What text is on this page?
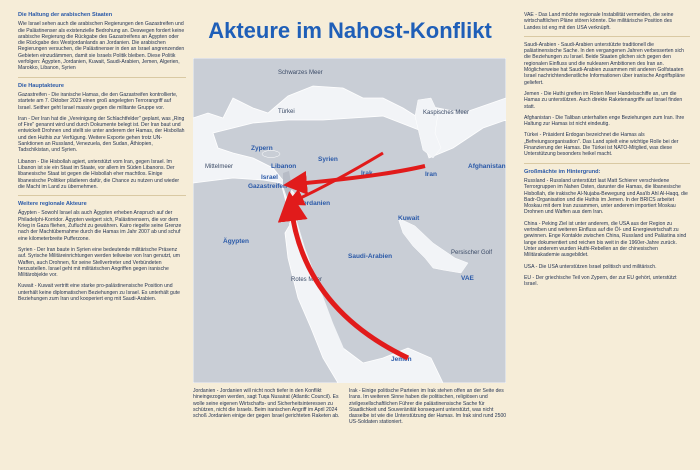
Akteure im Nahost-Konflikt
Die Haltung der arabischen Staaten

Wie Israel sehen auch die arabischen Regierungen den Gazastreifen und die Palästinenser als existenzielle Bedrohung an. Deswegen fordert keine arabische Regierung die Rückgabe des Gazastreifens an Ägypten oder die Rückgabe des Westjordanlands an Jordanien. Die arabischen Regierungen versuchen, die Palästinenser in den an Israel angrenzenden Gebieten einzudämmen, damit sie Israels Politik bleiben. Diese Politik verfolgen: Ägypten, Jordanien, Kuwait, Saudi-Arabien, Jemen, Algerien, Marokko, Libanon, Syrien

Die Hauptakteure

Gazastreifen - Die iranische Hamas, die den Gazastreifen kontrollierte, startete am 7. Oktober 2023 einen groß angelegten Terrorangriff auf Israel. Seither geht Israel massiv gegen die militante Gruppe vor.

Iran - Der Iran hat die „Vereinigung der Schlachtfelder" geplant, was „Ring of Fire" genannt wird und durch Dokumente belegt ist. Der Iran baut und entwickelt Drohnen und stellt sie unter anderem der Hamas, der Hisbollah und den Huthis zur Verfügung. Weitere Exporte gehen trotz UN-Sanktionen an Russland, Venezuela, den Sudan, Äthiopien, Tadschikistan, und Syrien.

Libanon - Die Hisbollah agiert, unterstützt vom Iran, gegen Israel. Im Libanon ist sie ein Staat im Staate, vor allem im Süden Libanons. Der libanesische Staat ist gegen die Hisbollah eher machtlos. Einige libanesische Politiker plädieren dafür, die Chance zu nutzen und wieder die Macht im Land zu übernehmen.

Weitere regionale Akteure

Ägypten - Sowohl Israel als auch Ägypten erheben Anspruch auf der Philadelphi-Korridor. Ägypten weigert sich, Palästinensern, die vor dem Krieg in Gaza fliehen, Zuflucht zu gewähren. Kairo riegelte seine Grenze nach der Machtübernahme durch die Hamas im Jahr 2007 ab und schuf eine kilometerbreite Pufferzone.

Syrien - Der Iran baute in Syrien eine bedeutende militärische Präsenz auf. Syrische Militäreinrichtungen werden teilweise von Iran genutzt, um Waffen, auch Drohnen, für seine Stellvertreter und Verbündeten herzustellen. Israel geht mit militärischen Angriffen gegen iranische Militärobjekte vor.

Kuwait - Kuwait vertritt eine starke pro-palästinensische Position und unterhält keine diplomatischen Beziehungen zu Israel. Es unterhält gute Beziehungen zum Iran und kooperiert eng mit Saudi-Arabien.

Schwarzes Meer
Kaspisches Meer
Türkei
Zypern
Libanon
Syrien
Israel
Gazastreifen
Mittelmeer
Irak	Iran
Afghanistan
Jordanien
Kuwait
Ägypten
Saudi-Arabien	Persischer Golf
VAE
Rotes Meer
Jemen

Jordanien - Jordanien will nicht noch tiefer in den Konflikt hineingezogen werden, sagt Tuqa Nusairat (Atlantic Council). Es wolle seine eigenen Wirtschafts- und Sicherheitsinteressen zu schützen, nicht die Israels. Beim iranischen Angriff im April 2024 schoß Jordanien einige der gegen Israel gerichteten Raketen ab.

Irak - Einige politische Parteien im Irak stehen offen an der Seite des Irans. Im weiteren Sinne haben die politischen, religiösen und zivilgesellschaftlichen Führer die palästinensische Sache für Staatlichkeit und Souveränität konsequent unterstützt, was nicht dasselbe ist wie die Unterstützung der Hamas. Im Irak sind rund 2500 US-Soldaten stationiert.

VAE - Das Land möchte regionale Instabilität vermeiden, die seine wirtschaftlichen Pläne stören könnte. Die militärische Position des Landes ist eng mit den USA verknüpft.

Saudi-Arabien - Saudi-Arabien unterstützte traditionell die palästinensische Sache. In den vergangenen Jahren verbesserten sich die Beziehungen zu Israel. Beide Staaten glichen sich gegen den regionalen Einfluss und die nuklearen Ambitionen des Iran an. Möglicherweise hat Saudi-Arabien zusammen mit anderen Golfstaaten Israel nachrichtendienstliche Informationen über iranische Angriffspläne geliefert.

Jemen - Die Huthi greifen im Roten Meer Handelsschiffe an, um die Hamas zu unterstützen. Auch direkte Raketenangriffe auf Israel finden statt.

Afghanistan - Die Taliban unterhalten enge Beziehungen zum Iran. Ihre Haltung zur Hamas ist nicht eindeutig.

Türkei - Präsident Erdogan bezeichnet die Hamas als „Befreiungsorganisation". Das Land spielt eine wichtige Rolle bei der Finanzierung der Hamas. Die Türkei ist NATO-Mitglied, was diese Unterstützung besonders heikel macht.

Großmächte im Hintergrund:

Russland - Russland unterstützt laut Matt Schierer verschiedene Terrorgruppen im Nahen Osten, darunter die Hamas, die libanesische Hisbollah, die irakische Al-Nujaba-Bewegung und Asa'ib Ahl Al-Haqq, die Badr-Organisation und die Huthis im Jemen. In der BRICS arbeitet Moskau mit dem Iran zusammen, unter anderem importiert Moskau Drohnen und Waffen aus dem Iran.

China - Peking Ziel ist unter anderem, die USA aus der Region zu vertreiben und weiteren Einfluss auf die Öl- und Energiewirtschaft zu gewinnen. Enge Kontakte zwischen China, Russland und Palästina sind lange dokumentiert und reichen bis weit in die 1960er-Jahre zurück. Unter anderem wurden Huthi-Rebellen an der chinesischen Militärakademie ausgebildet.

USA - Die USA unterstützen Israel politisch und militärisch.

EU - Der griechische Teil von Zypern, der zur EU gehört, unterstützt Israel.
